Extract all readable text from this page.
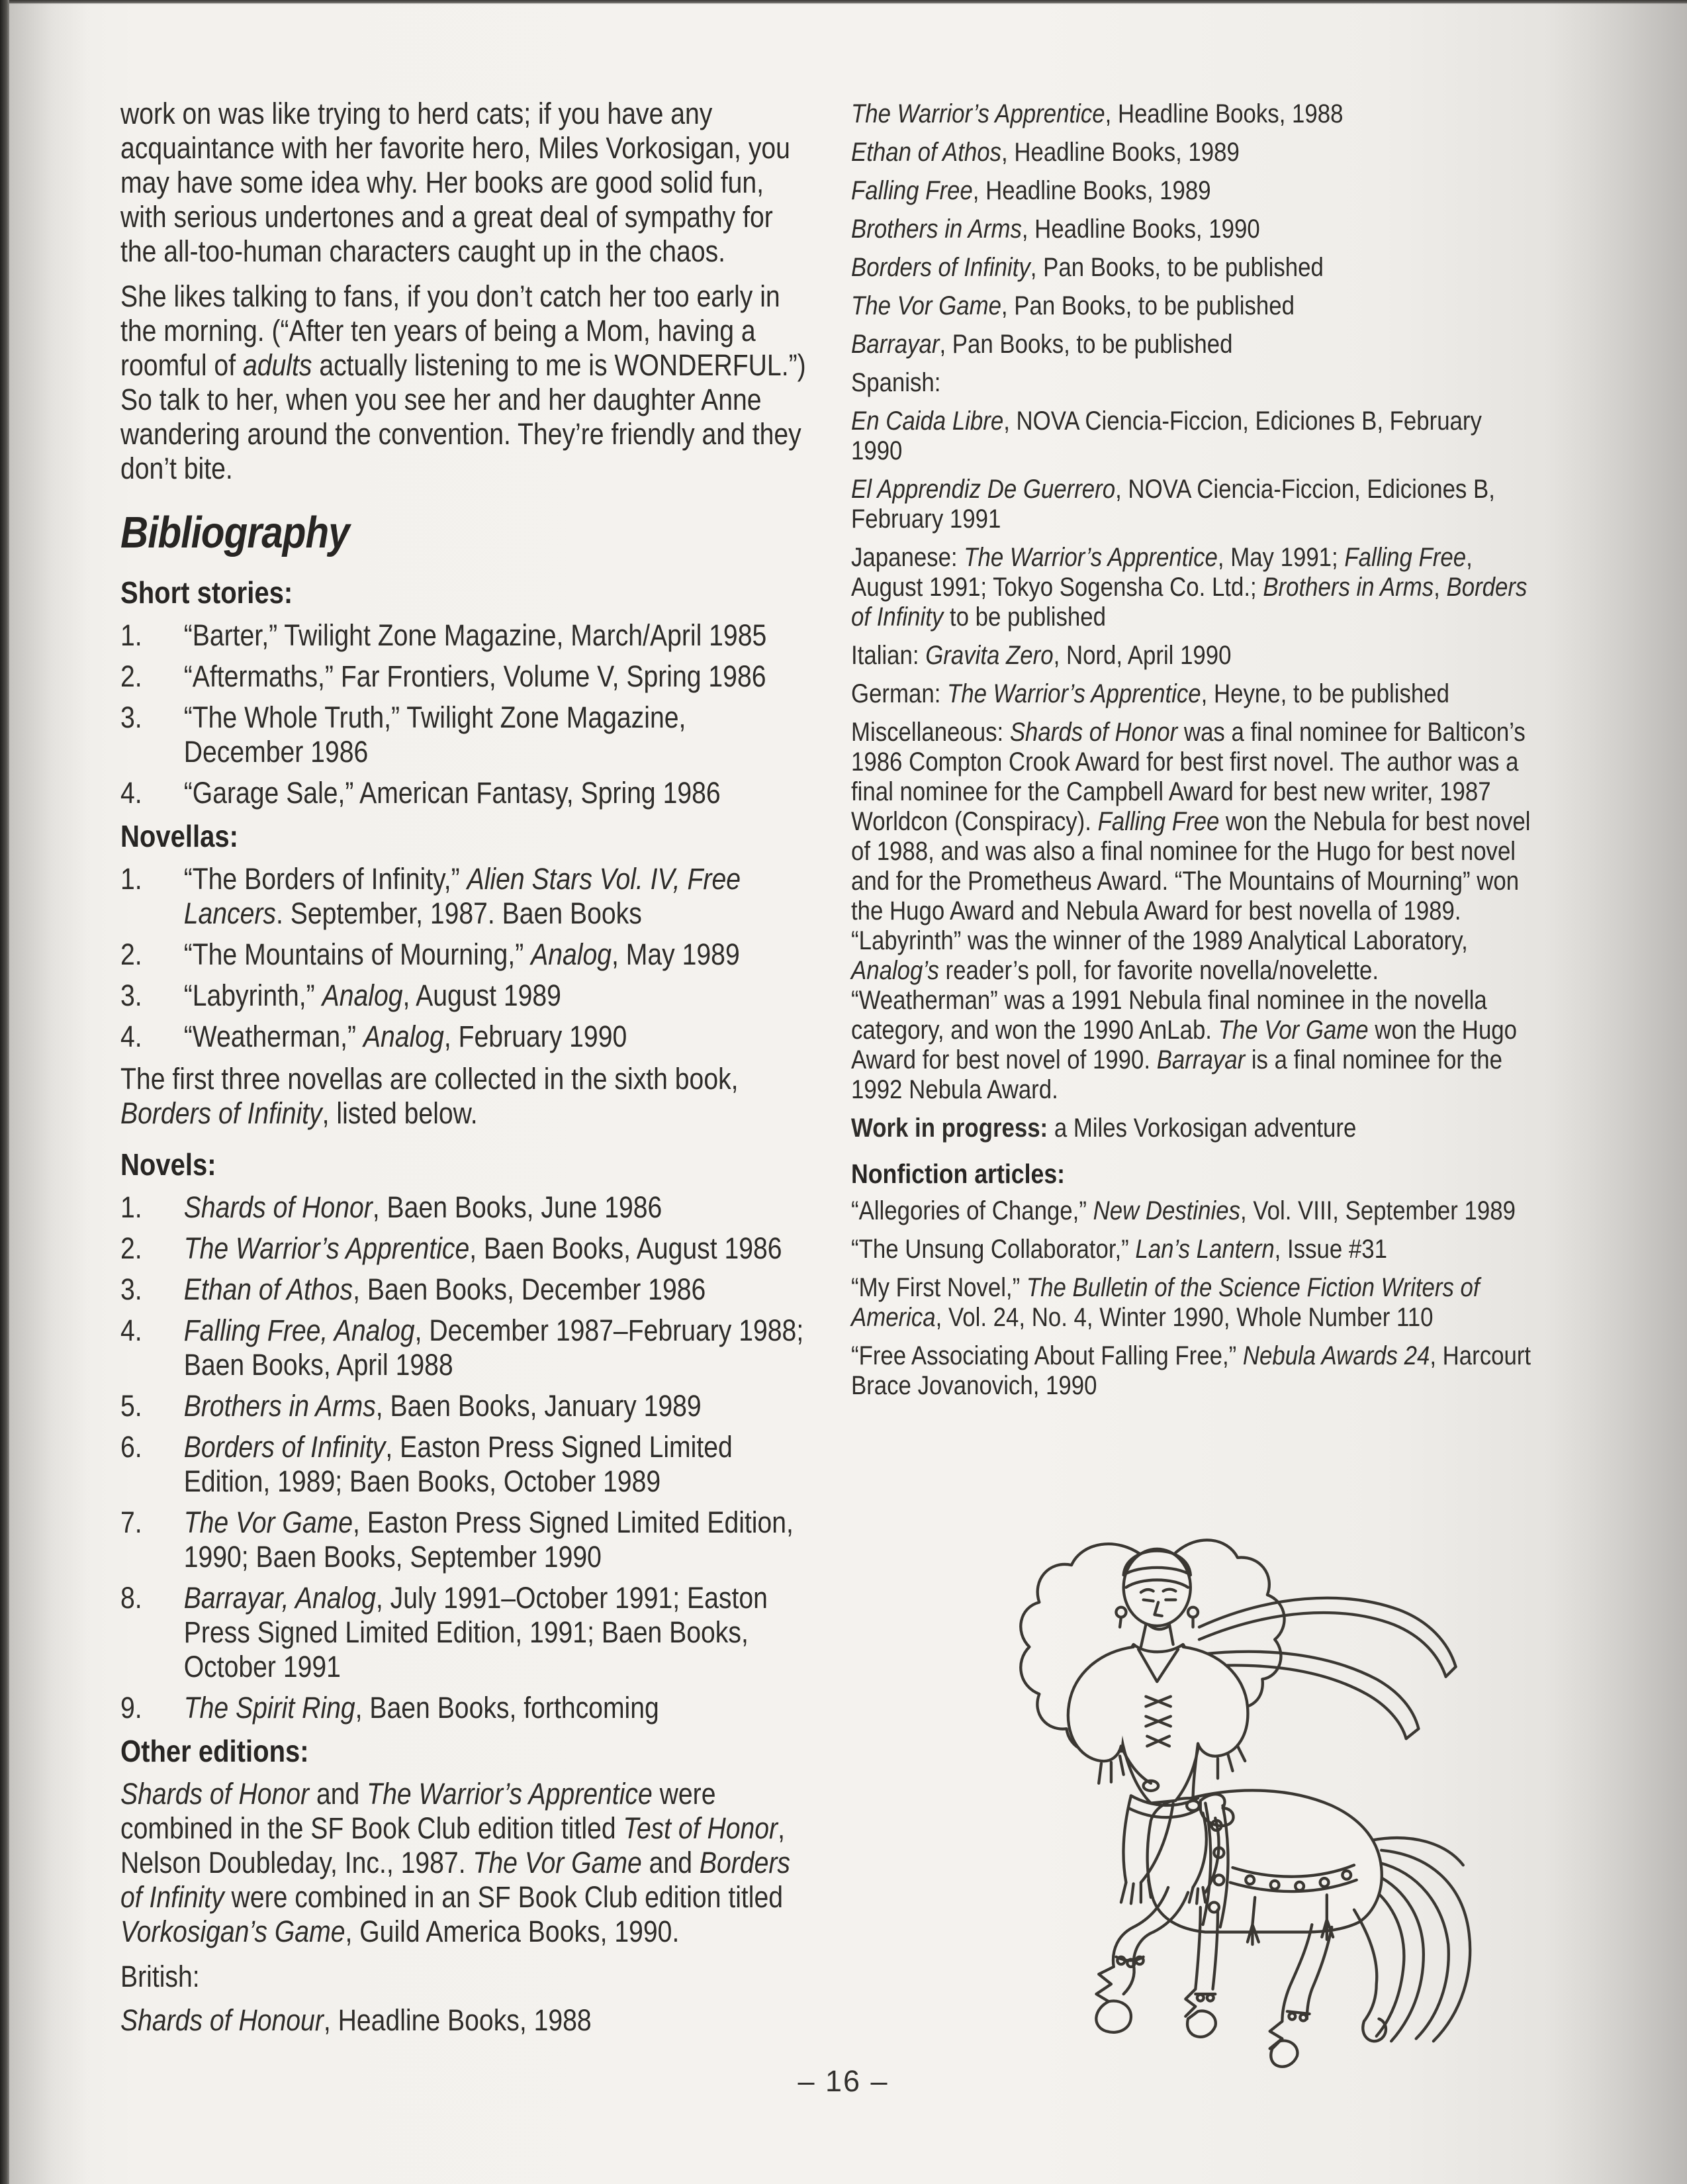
work on was like trying to herd cats; if you have any acquaintance with her favorite hero, Miles Vorkosigan, you may have some idea why. Her books are good solid fun, with serious undertones and a great deal of sympathy for the all-too-human characters caught up in the chaos.

She likes talking to fans, if you don’t catch her too early in the morning. (“After ten years of being a Mom, having a roomful of adults actually listening to me is WONDERFUL.”) So talk to her, when you see her and her daughter Anne wandering around the convention. They’re friendly and they don’t bite.

Bibliography
Short stories:
1.	“Barter,” Twilight Zone Magazine, March/April 1985
2.	“Aftermaths,” Far Frontiers, Volume V, Spring 1986
3.	“The Whole Truth,” Twilight Zone Magazine, December 1986
4.	“Garage Sale,” American Fantasy, Spring 1986
Novellas:
1.	“The Borders of Infinity,” Alien Stars Vol. IV, Free Lancers. September, 1987. Baen Books
2.	“The Mountains of Mourning,” Analog, May 1989
3.	“Labyrinth,” Analog, August 1989
4.	“Weatherman,” Analog, February 1990

The first three novellas are collected in the sixth book, Borders of Infinity, listed below.

Novels:
1.	Shards of Honor, Baen Books, June 1986
2.	The Warrior’s Apprentice, Baen Books, August 1986
3.	Ethan of Athos, Baen Books, December 1986
4.	Falling Free, Analog, December 1987–February 1988; Baen Books, April 1988
5.	Brothers in Arms, Baen Books, January 1989
6.	Borders of Infinity, Easton Press Signed Limited Edition, 1989; Baen Books, October 1989
7.	The Vor Game, Easton Press Signed Limited Edition, 1990; Baen Books, September 1990
8.	Barrayar, Analog, July 1991–October 1991; Easton Press Signed Limited Edition, 1991; Baen Books, October 1991
9.	The Spirit Ring, Baen Books, forthcoming
Other editions:

Shards of Honor and The Warrior’s Apprentice were combined in the SF Book Club edition titled Test of Honor, Nelson Doubleday, Inc., 1987. The Vor Game and Borders of Infinity were combined in an SF Book Club edition titled Vorkosigan’s Game, Guild America Books, 1990.

British:

Shards of Honour, Headline Books, 1988

The Warrior’s Apprentice, Headline Books, 1988

Ethan of Athos, Headline Books, 1989

Falling Free, Headline Books, 1989

Brothers in Arms, Headline Books, 1990

Borders of Infinity, Pan Books, to be published

The Vor Game, Pan Books, to be published

Barrayar, Pan Books, to be published

Spanish:

En Caida Libre, NOVA Ciencia-Ficcion, Ediciones B, February 1990

El Apprendiz De Guerrero, NOVA Ciencia-Ficcion, Ediciones B, February 1991

Japanese: The Warrior’s Apprentice, May 1991; Falling Free, August 1991; Tokyo Sogensha Co. Ltd.; Brothers in Arms, Borders of Infinity to be published

Italian: Gravita Zero, Nord, April 1990

German: The Warrior’s Apprentice, Heyne, to be published

Miscellaneous: Shards of Honor was a final nominee for Balticon’s 1986 Compton Crook Award for best first novel. The author was a final nominee for the Campbell Award for best new writer, 1987 Worldcon (Conspiracy). Falling Free won the Nebula for best novel of 1988, and was also a final nominee for the Hugo for best novel and for the Prometheus Award. “The Mountains of Mourning” won the Hugo Award and Nebula Award for best novella of 1989. “Labyrinth” was the winner of the 1989 Analytical Laboratory, Analog’s reader’s poll, for favorite novella/novelette. “Weatherman” was a 1991 Nebula final nominee in the novella category, and won the 1990 AnLab. The Vor Game won the Hugo Award for best novel of 1990. Barrayar is a final nominee for the 1992 Nebula Award.

Work in progress: a Miles Vorkosigan adventure

Nonfiction articles:

“Allegories of Change,” New Destinies, Vol. VIII, September 1989

“The Unsung Collaborator,” Lan’s Lantern, Issue #31

“My First Novel,” The Bulletin of the Science Fiction Writers of America, Vol. 24, No. 4, Winter 1990, Whole Number 110

“Free Associating About Falling Free,” Nebula Awards 24, Harcourt Brace Jovanovich, 1990

– 16 –
